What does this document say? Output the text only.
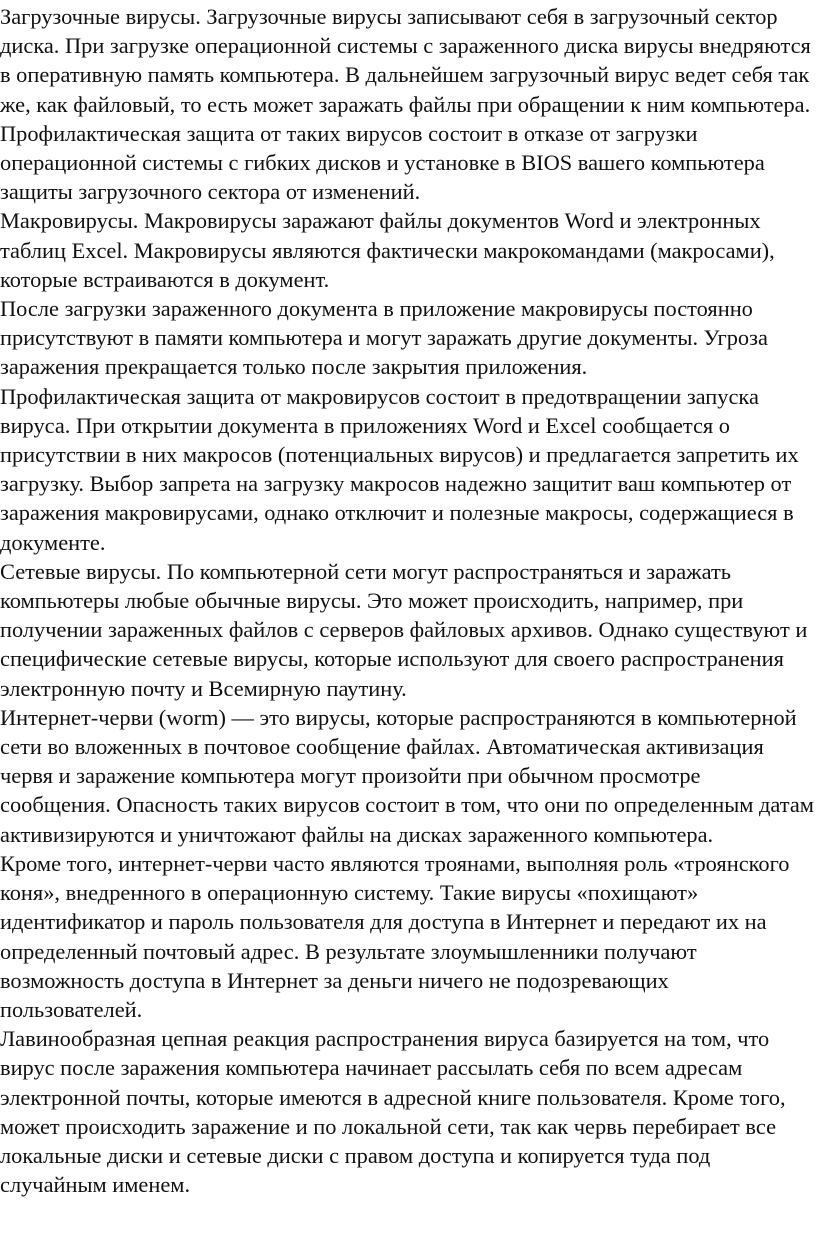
Загрузочные вирусы. Загрузочные вирусы записывают себя в загрузочный сектор диска. При загрузке операционной системы с зараженного диска вирусы внедряются в оперативную память компьютера. В дальнейшем загрузочный вирус ведет себя так же, как файловый, то есть может заражать файлы при обращении к ним компьютера.

Профилактическая защита от таких вирусов состоит в отказе от загрузки операционной системы с гибких дисков и установке в BIOS вашего компьютера защиты загрузочного сектора от изменений.

Макровирусы. Макровирусы заражают файлы документов Word и электронных таблиц Excel. Макровирусы являются фактически макрокомандами (макросами), которые встраиваются в документ.

После загрузки зараженного документа в приложение макровирусы постоянно присутствуют в памяти компьютера и могут заражать другие документы. Угроза заражения прекращается только после закрытия приложения.

Профилактическая защита от макровирусов состоит в предотвращении запуска вируса. При открытии документа в приложениях Word и Excel сообщается о присутствии в них макросов (потенциальных вирусов) и предлагается запретить их загрузку. Выбор запрета на загрузку макросов надежно защитит ваш компьютер от заражения макровирусами, однако отключит и полезные макросы, содержащиеся в документе.

Сетевые вирусы. По компьютерной сети могут распространяться и заражать компьютеры любые обычные вирусы. Это может происходить, например, при получении зараженных файлов с серверов файловых архивов. Однако существуют и специфические сетевые вирусы, которые используют для своего распространения электронную почту и Всемирную паутину.

Интернет-черви (worm) — это вирусы, которые распространяются в компьютерной сети во вложенных в почтовое сообщение файлах. Автоматическая активизация червя и заражение компьютера могут произойти при обычном просмотре сообщения. Опасность таких вирусов состоит в том, что они по определенным датам активизируются и уничтожают файлы на дисках зараженного компьютера.

Кроме того, интернет-черви часто являются троянами, выполняя роль «троянского коня», внедренного в операционную систему. Такие вирусы «похищают» идентификатор и пароль пользователя для доступа в Интернет и передают их на определенный почтовый адрес. В результате злоумышленники получают возможность доступа в Интернет за деньги ничего не подозревающих пользователей.

Лавинообразная цепная реакция распространения вируса базируется на том, что вирус после заражения компьютера начинает рассылать себя по всем адресам электронной почты, которые имеются в адресной книге пользователя. Кроме того, может происходить заражение и по локальной сети, так как червь перебирает все локальные диски и сетевые диски с правом доступа и копируется туда под случайным именем.
